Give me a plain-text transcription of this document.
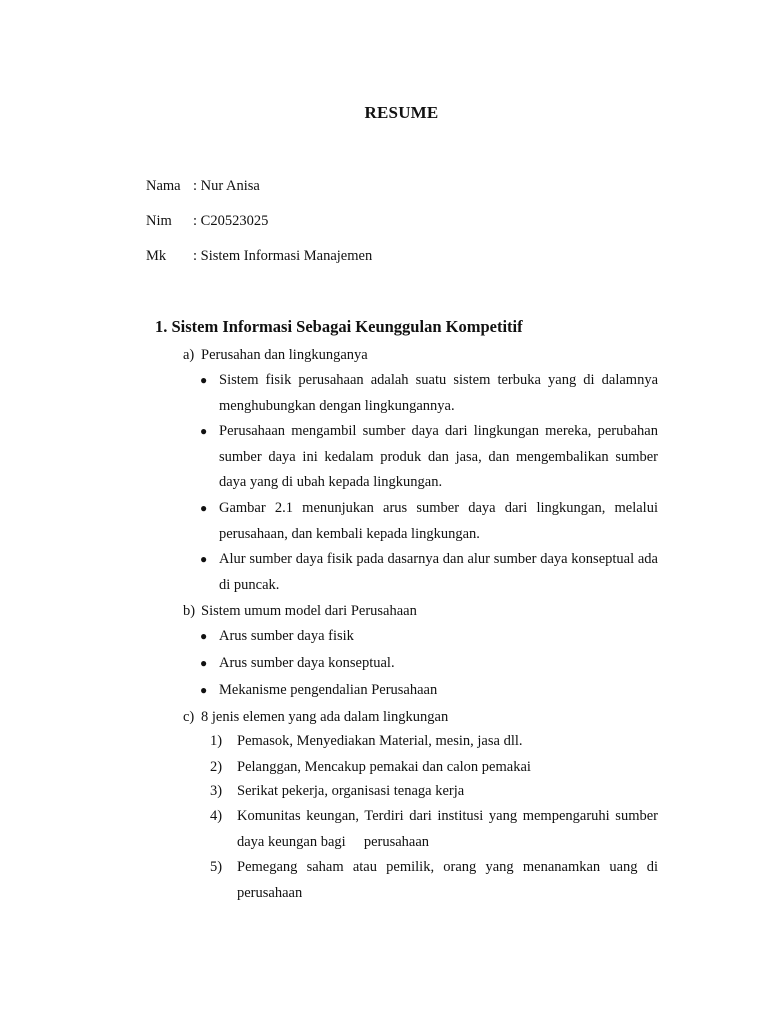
RESUME
Nama : Nur Anisa
Nim : C20523025
Mk : Sistem Informasi Manajemen
1. Sistem Informasi Sebagai Keunggulan Kompetitif
a) Perusahan dan lingkunganya
● Sistem fisik perusahaan adalah suatu sistem terbuka yang di dalamnya menghubungkan dengan lingkungannya.
● Perusahaan mengambil sumber daya dari lingkungan mereka, perubahan sumber daya ini kedalam produk dan jasa, dan mengembalikan sumber daya yang di ubah kepada lingkungan.
● Gambar 2.1 menunjukan arus sumber daya dari lingkungan, melalui perusahaan, dan kembali kepada lingkungan.
● Alur sumber daya fisik pada dasarnya dan alur sumber daya konseptual ada di puncak.
b) Sistem umum model dari Perusahaan
● Arus sumber daya fisik
● Arus sumber daya konseptual.
● Mekanisme pengendalian Perusahaan
c) 8 jenis elemen yang ada dalam lingkungan
1) Pemasok, Menyediakan Material, mesin, jasa dll.
2) Pelanggan, Mencakup pemakai dan calon pemakai
3) Serikat pekerja, organisasi tenaga kerja
4) Komunitas keungan, Terdiri dari institusi yang mempengaruhi sumber daya keungan bagi     perusahaan
5) Pemegang saham atau pemilik, orang yang menanamkan uang di perusahaan
